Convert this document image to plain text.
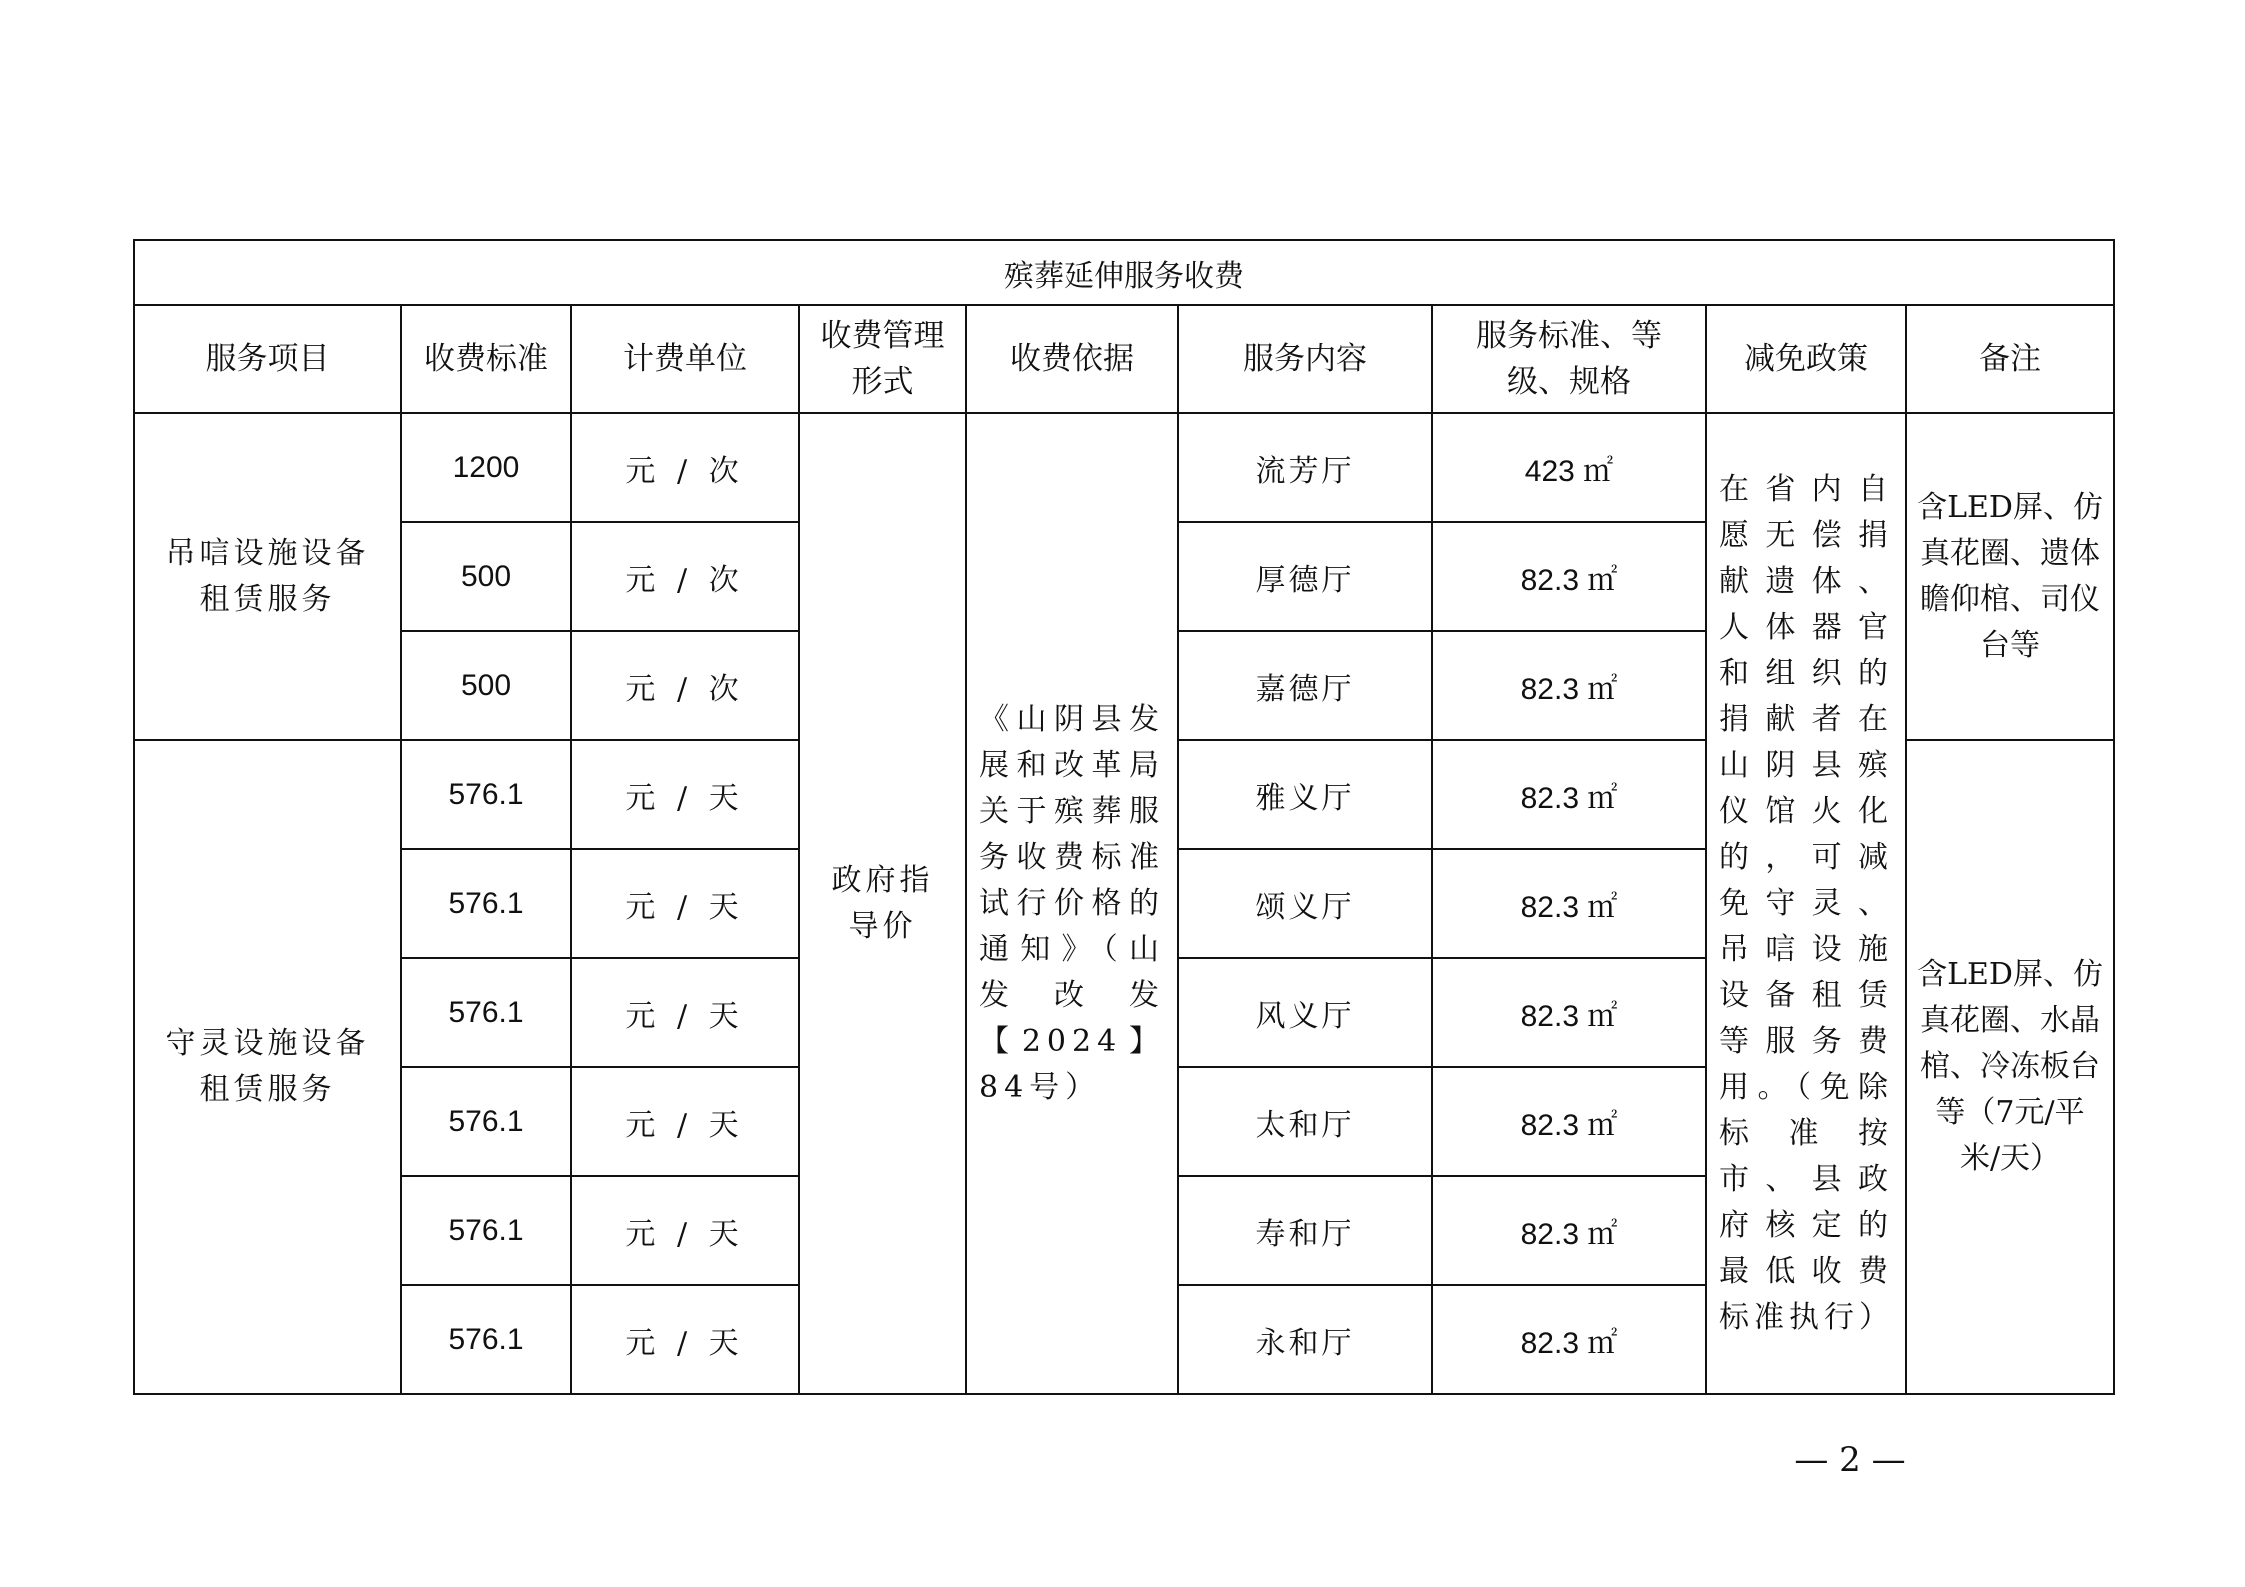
殡葬延伸服务收费								
服务项目	收费标准	计费单位	收费管理形式	收费依据	服务内容	服务标准、等级、规格	减免政策	备注
吊唁设施设备租赁服务	1200	元 / 次	政府指导价	《山阴县发展和改革局关于殡葬服务收费标准试行价格的通知》（山发改发【2024】84号）	流芳厅	423 ㎡	在省内自愿无偿捐献遗体、人体器官和组织的捐献者在山阴县殡仪馆火化的，可减免守灵、吊唁设施设备租赁等服务费用。（免除标准按市、县政府核定的最低收费标准执行）	含LED屏、仿真花圈、遗体瞻仰棺、司仪台等
	500	元 / 次			厚德厅	82.3 ㎡		
	500	元 / 次			嘉德厅	82.3 ㎡		
守灵设施设备租赁服务	576.1	元 / 天			雅义厅	82.3 ㎡		含LED屏、仿真花圈、水晶棺、冷冻板台等（7元/平米/天）
	576.1	元 / 天			颂义厅	82.3 ㎡		
	576.1	元 / 天			风义厅	82.3 ㎡		
	576.1	元 / 天			太和厅	82.3 ㎡		
	576.1	元 / 天			寿和厅	82.3 ㎡		
	576.1	元 / 天			永和厅	82.3 ㎡		
— 2 —
